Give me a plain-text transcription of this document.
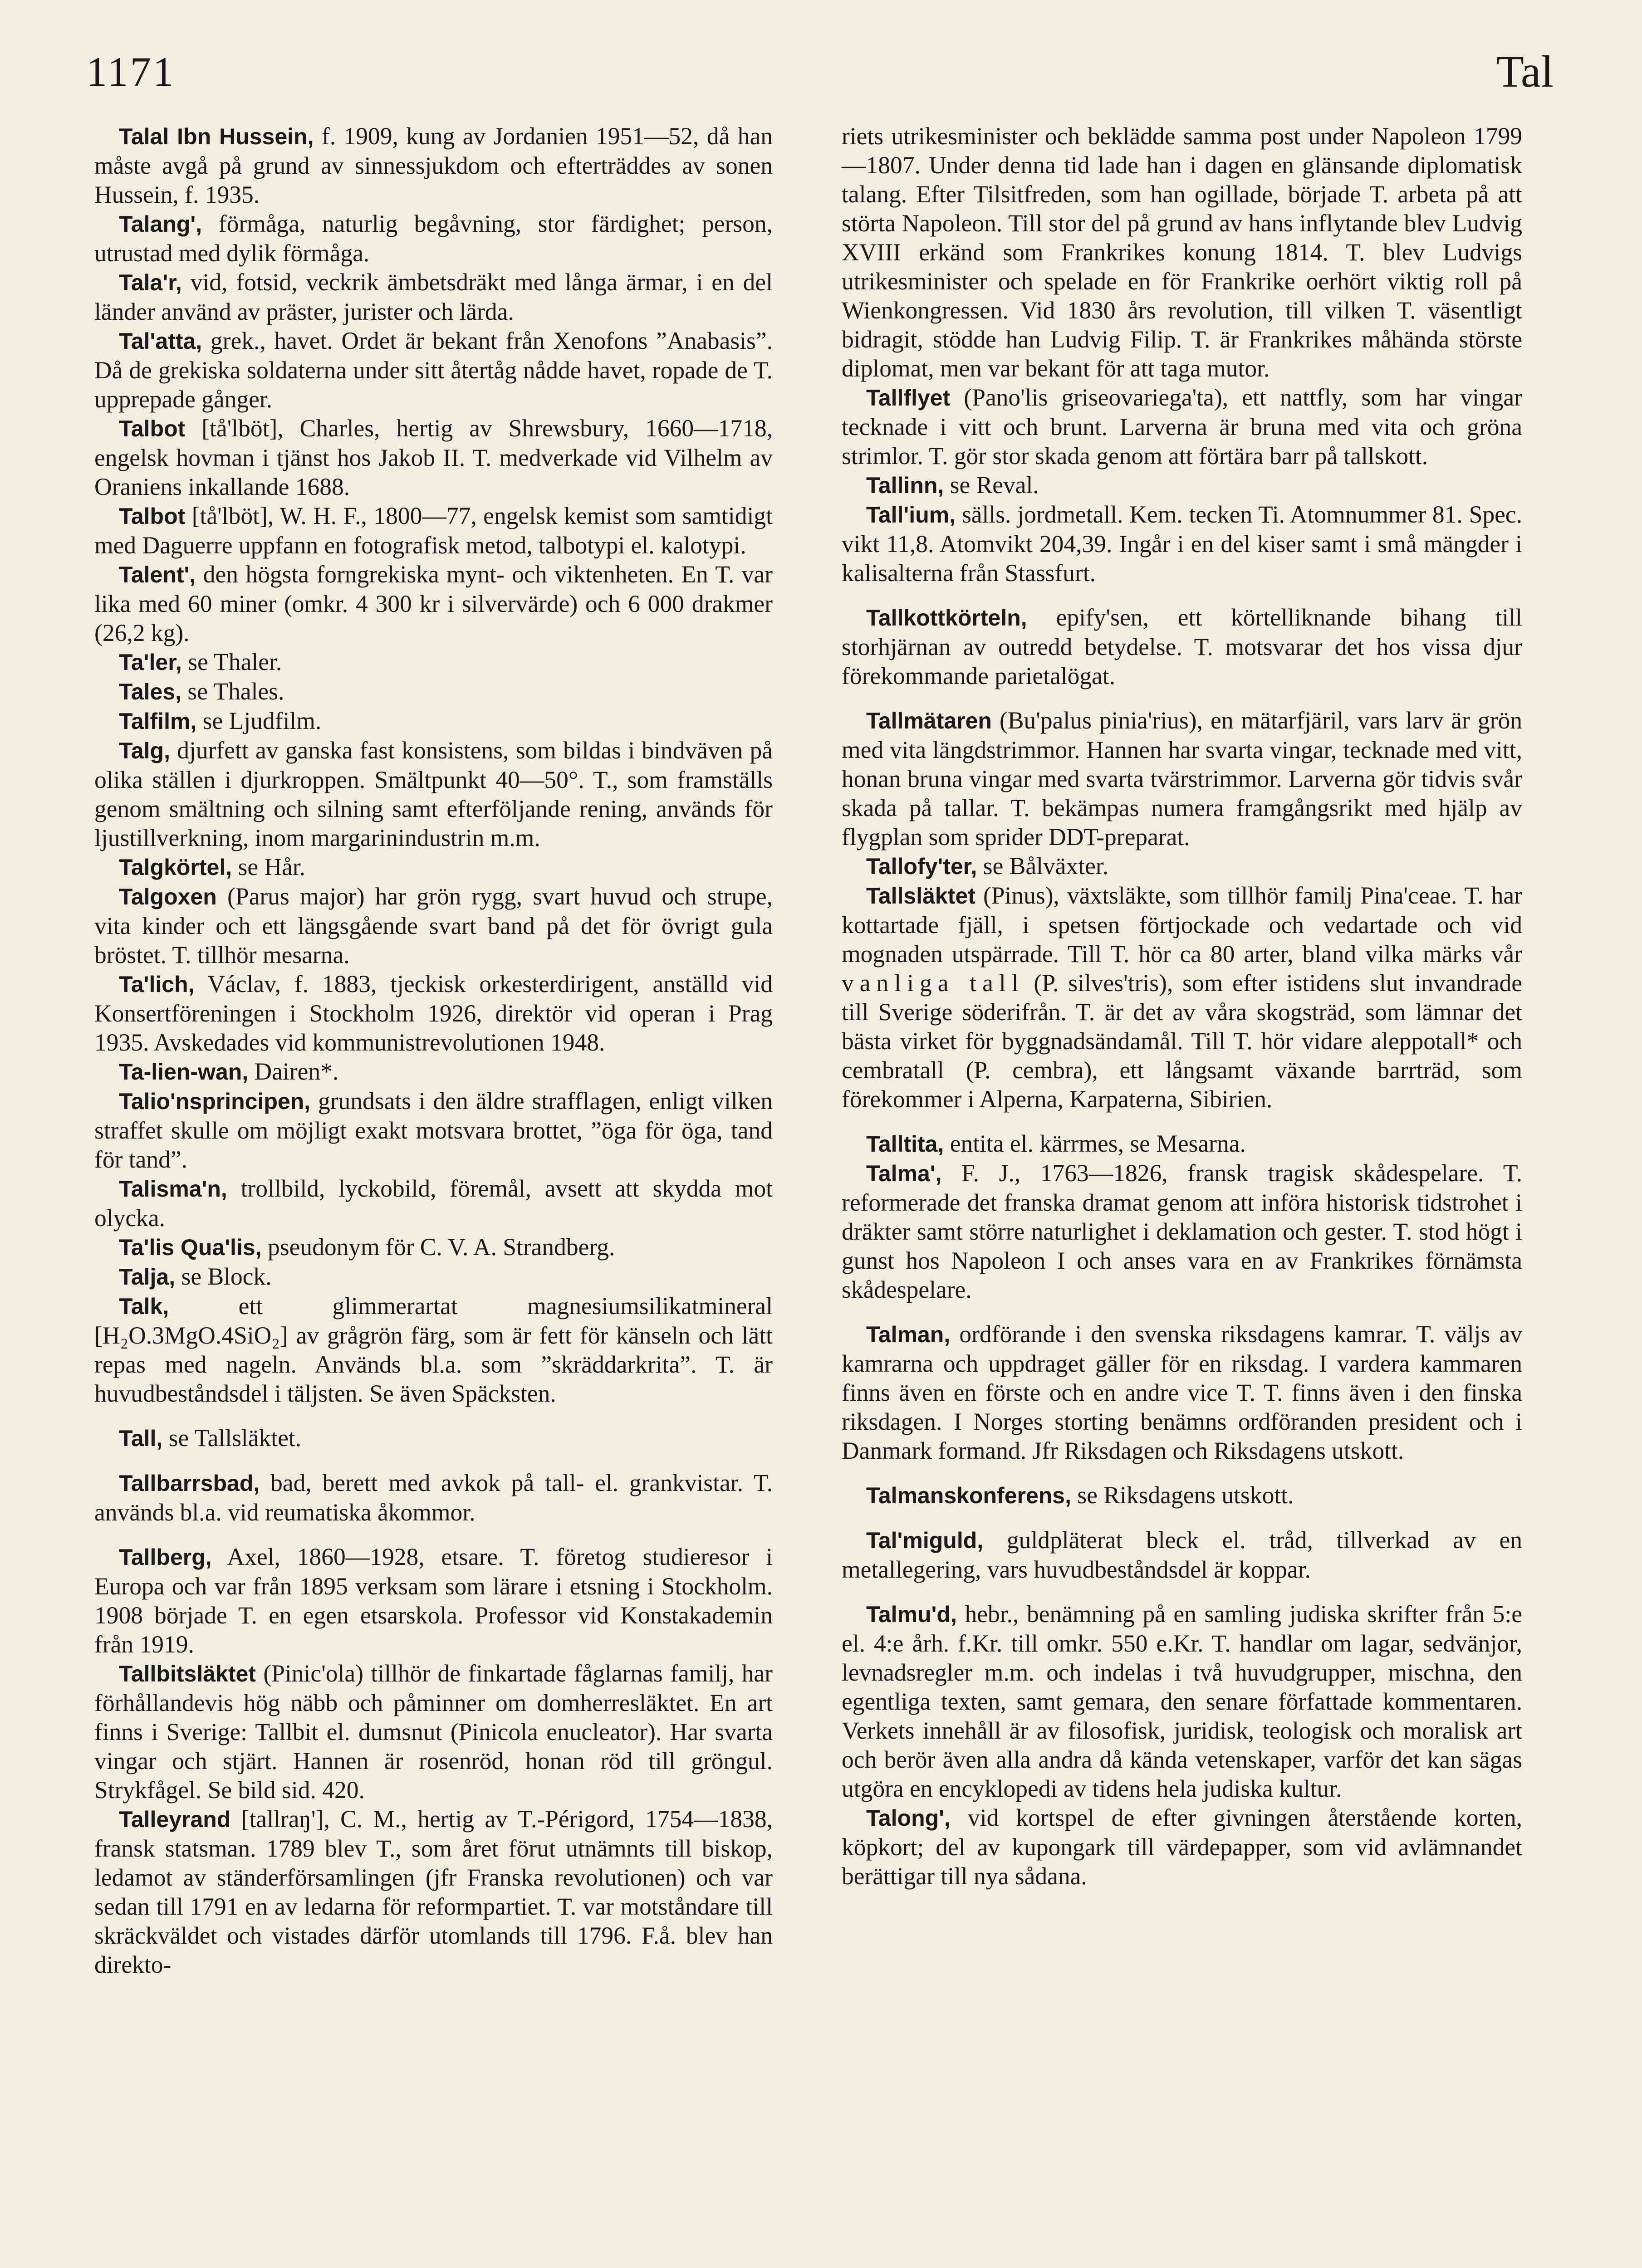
1171	Tal

Talal Ibn Hussein, f. 1909, kung av Jordanien 1951—52, då han måste avgå på grund av sinnessjukdom och efterträddes av sonen Hussein, f. 1935.

Talang', förmåga, naturlig begåvning, stor färdighet; person, utrustad med dylik förmåga.

Tala'r, vid, fotsid, veckrik ämbetsdräkt med långa ärmar, i en del länder använd av präster, jurister och lärda.

Tal'atta, grek., havet. Ordet är bekant från Xenofons ”Anabasis”. Då de grekiska soldaterna under sitt återtåg nådde havet, ropade de T. upprepade gånger.

Talbot [tå'lböt], Charles, hertig av Shrewsbury, 1660—1718, engelsk hovman i tjänst hos Jakob II. T. medverkade vid Vilhelm av Oraniens inkallande 1688.

Talbot [tå'lböt], W. H. F., 1800—77, engelsk kemist som samtidigt med Daguerre uppfann en fotografisk metod, talbotypi el. kalotypi.

Talent', den högsta forngrekiska mynt- och viktenheten. En T. var lika med 60 miner (omkr. 4 300 kr i silvervärde) och 6 000 drakmer (26,2 kg).

Ta'ler, se Thaler.

Tales, se Thales.

Talfilm, se Ljudfilm.

Talg, djurfett av ganska fast konsistens, som bildas i bindväven på olika ställen i djurkroppen. Smältpunkt 40—50°. T., som framställs genom smältning och silning samt efterföljande rening, används för ljustillverkning, inom margarinindustrin m.m.

Talgkörtel, se Hår.

Talgoxen (Parus major) har grön rygg, svart huvud och strupe, vita kinder och ett längsgående svart band på det för övrigt gula bröstet. T. tillhör mesarna.

Ta'lich, Václav, f. 1883, tjeckisk orkesterdirigent, anställd vid Konsertföreningen i Stockholm 1926, direktör vid operan i Prag 1935. Avskedades vid kommunistrevolutionen 1948.

Ta-lien-wan, Dairen*.

Talio'nsprincipen, grundsats i den äldre strafflagen, enligt vilken straffet skulle om möjligt exakt motsvara brottet, ”öga för öga, tand för tand”.

Talisma'n, trollbild, lyckobild, föremål, avsett att skydda mot olycka.

Ta'lis Qua'lis, pseudonym för C. V. A. Strandberg.

Talja, se Block.

Talk, ett glimmerartat magnesiumsilikatmineral [H₂O.3MgO.4SiO₂] av grågrön färg, som är fett för känseln och lätt repas med nageln. Används bl.a. som ”skräddarkrita”. T. är huvudbeståndsdel i täljsten. Se även Späcksten.

Tall, se Tallsläktet.

Tallbarrsbad, bad, berett med avkok på tall- el. grankvistar. T. används bl.a. vid reumatiska åkommor.

Tallberg, Axel, 1860—1928, etsare. T. företog studieresor i Europa och var från 1895 verksam som lärare i etsning i Stockholm. 1908 började T. en egen etsarskola. Professor vid Konstakademin från 1919.

Tallbitsläktet (Pinic'ola) tillhör de finkartade fåglarnas familj, har förhållandevis hög näbb och påminner om domherresläktet. En art finns i Sverige: Tallbit el. dumsnut (Pinicola enucleator). Har svarta vingar och stjärt. Hannen är rosenröd, honan röd till gröngul. Strykfågel. Se bild sid. 420.

Talleyrand [tallraŋ'], C. M., hertig av T.-Périgord, 1754—1838, fransk statsman. 1789 blev T., som året förut utnämnts till biskop, ledamot av ständerförsamlingen (jfr Franska revolutionen) och var sedan till 1791 en av ledarna för reformpartiet. T. var motståndare till skräckväldet och vistades därför utomlands till 1796. F.å. blev han direkto-

riets utrikesminister och beklädde samma post under Napoleon 1799—1807. Under denna tid lade han i dagen en glänsande diplomatisk talang. Efter Tilsitfreden, som han ogillade, började T. arbeta på att störta Napoleon. Till stor del på grund av hans inflytande blev Ludvig XVIII erkänd som Frankrikes konung 1814. T. blev Ludvigs utrikesminister och spelade en för Frankrike oerhört viktig roll på Wienkongressen. Vid 1830 års revolution, till vilken T. väsentligt bidragit, stödde han Ludvig Filip. T. är Frankrikes måhända störste diplomat, men var bekant för att taga mutor.

Tallflyet (Pano'lis griseovariega'ta), ett nattfly, som har vingar tecknade i vitt och brunt. Larverna är bruna med vita och gröna strimlor. T. gör stor skada genom att förtära barr på tallskott.

Tallinn, se Reval.

Tall'ium, sälls. jordmetall. Kem. tecken Ti. Atomnummer 81. Spec. vikt 11,8. Atomvikt 204,39. Ingår i en del kiser samt i små mängder i kalisalterna från Stassfurt.

Tallkottkörteln, epify'sen, ett körtelliknande bihang till storhjärnan av outredd betydelse. T. motsvarar det hos vissa djur förekommande parietalögat.

Tallmätaren (Bu'palus pinia'rius), en mätarfjäril, vars larv är grön med vita längdstrimmor. Hannen har svarta vingar, tecknade med vitt, honan bruna vingar med svarta tvärstrimmor. Larverna gör tidvis svår skada på tallar. T. bekämpas numera framgångsrikt med hjälp av flygplan som sprider DDT-preparat.

Tallofy'ter, se Bålväxter.

Tallsläktet (Pinus), växtsläkte, som tillhör familj Pina'ceae. T. har kottartade fjäll, i spetsen förtjockade och vedartade och vid mognaden utspärrade. Till T. hör ca 80 arter, bland vilka märks vår vanliga tall (P. silves'tris), som efter istidens slut invandrade till Sverige söderifrån. T. är det av våra skogsträd, som lämnar det bästa virket för byggnadsändamål. Till T. hör vidare aleppotall* och cembratall (P. cembra), ett långsamt växande barrträd, som förekommer i Alperna, Karpaterna, Sibirien.

Talltita, entita el. kärrmes, se Mesarna.

Talma', F. J., 1763—1826, fransk tragisk skådespelare. T. reformerade det franska dramat genom att införa historisk tidstrohet i dräkter samt större naturlighet i deklamation och gester. T. stod högt i gunst hos Napoleon I och anses vara en av Frankrikes förnämsta skådespelare.

Talman, ordförande i den svenska riksdagens kamrar. T. väljs av kamrarna och uppdraget gäller för en riksdag. I vardera kammaren finns även en förste och en andre vice T. T. finns även i den finska riksdagen. I Norges storting benämns ordföranden president och i Danmark formand. Jfr Riksdagen och Riksdagens utskott.

Talmanskonferens, se Riksdagens utskott.

Tal'miguld, guldpläterat bleck el. tråd, tillverkad av en metallegering, vars huvudbeståndsdel är koppar.

Talmu'd, hebr., benämning på en samling judiska skrifter från 5:e el. 4:e årh. f.Kr. till omkr. 550 e.Kr. T. handlar om lagar, sedvänjor, levnadsregler m.m. och indelas i två huvudgrupper, mischna, den egentliga texten, samt gemara, den senare författade kommentaren. Verkets innehåll är av filosofisk, juridisk, teologisk och moralisk art och berör även alla andra då kända vetenskaper, varför det kan sägas utgöra en encyklopedi av tidens hela judiska kultur.

Talong', vid kortspel de efter givningen återstående korten, köpkort; del av kupongark till värdepapper, som vid avlämnandet berättigar till nya sådana.
